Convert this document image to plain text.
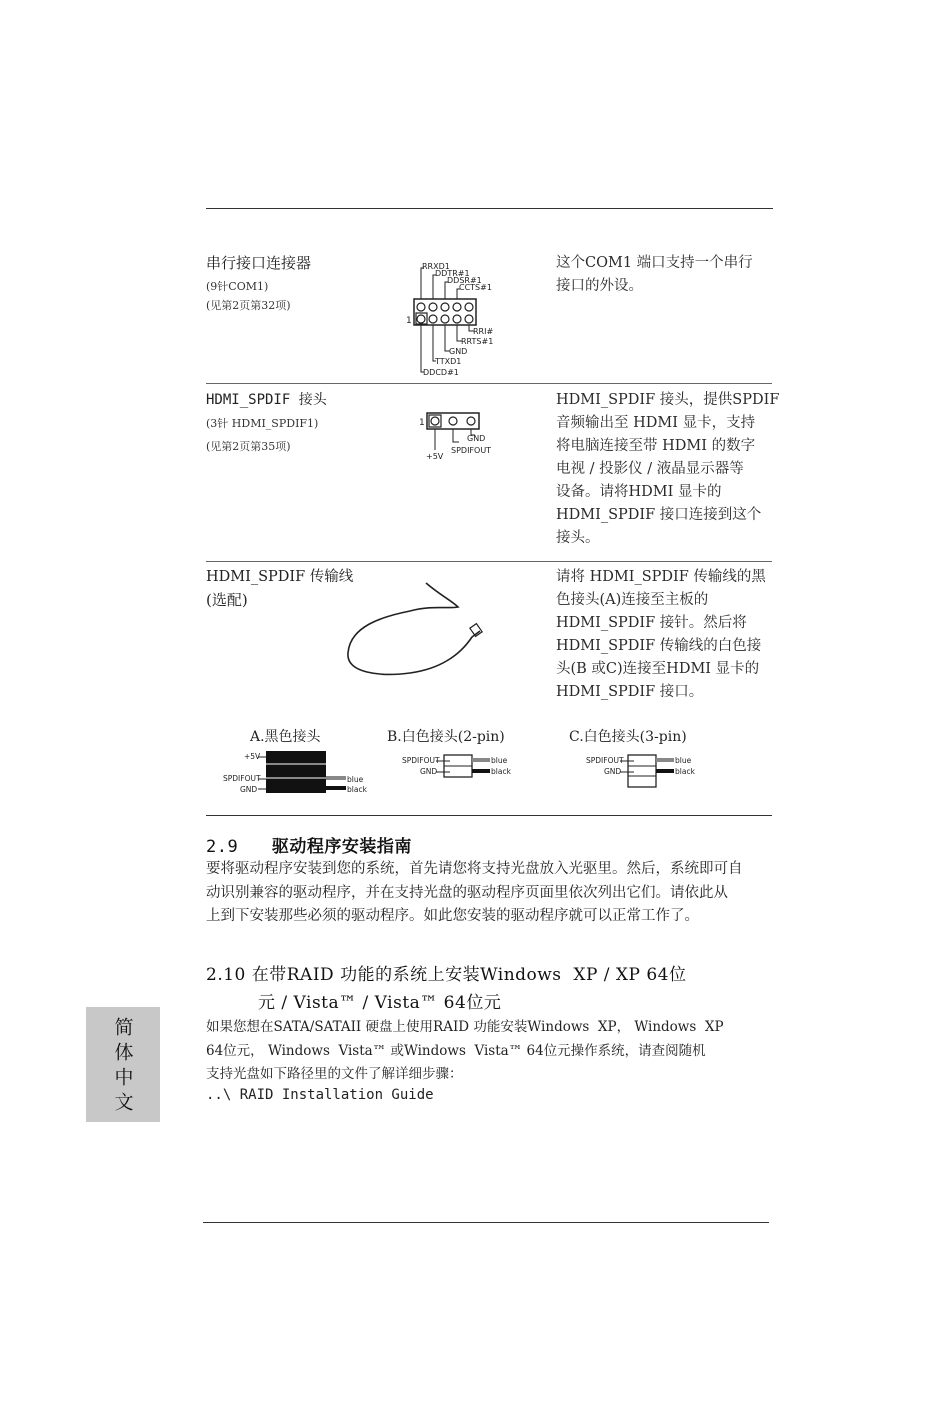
串行接口连接器
(9针COM1)
(见第2页第32项)
RRXD1
DDTR#1
DDSR#1
CCTS#1
RRI#
RRTS#1
GND
TTXD1
DDCD#1
1
这个COM1 端口支持一个串行
接口的外设。
HDMI_SPDIF 接头
(3针 HDMI_SPDIF1)
(见第2页第35项)
1
GND
SPDIFOUT
+5V
HDMI_SPDIF 接头，提供SPDIF
音频输出至 HDMI 显卡，支持
将电脑连接至带 HDMI 的数字
电视 / 投影仪 / 液晶显示器等
设备。请将HDMI 显卡的
HDMI_SPDIF 接口连接到这个
接头。
HDMI_SPDIF 传输线
(选配)
请将 HDMI_SPDIF 传输线的黑
色接头(A)连接至主板的
HDMI_SPDIF 接针。然后将
HDMI_SPDIF 传输线的白色接
头(B 或C)连接至HDMI 显卡的
HDMI_SPDIF 接口。
A.黑色接头	B.白色接头(2-pin)	C.白色接头(3-pin)
+5V
SPDIFOUT
GND
blue
black
SPDIFOUT
GND
blue
black
SPDIFOUT
GND
blue
black
2.9 驱动程序安装指南
要将驱动程序安装到您的系统，首先请您将支持光盘放入光驱里。然后，系统即可自
动识别兼容的驱动程序，并在支持光盘的驱动程序页面里依次列出它们。请依此从
上到下安装那些必须的驱动程序。如此您安装的驱动程序就可以正常工作了。
2.10 在带RAID 功能的系统上安装Windows  XP / XP 64位
元 / Vista™ / Vista™ 64位元
如果您想在SATA/SATAII 硬盘上使用RAID 功能安装Windows  XP， Windows  XP
64位元， Windows  Vista™ 或Windows  Vista™ 64位元操作系统，请查阅随机
支持光盘如下路径里的文件了解详细步骤：
..\ RAID Installation Guide
简体中文
